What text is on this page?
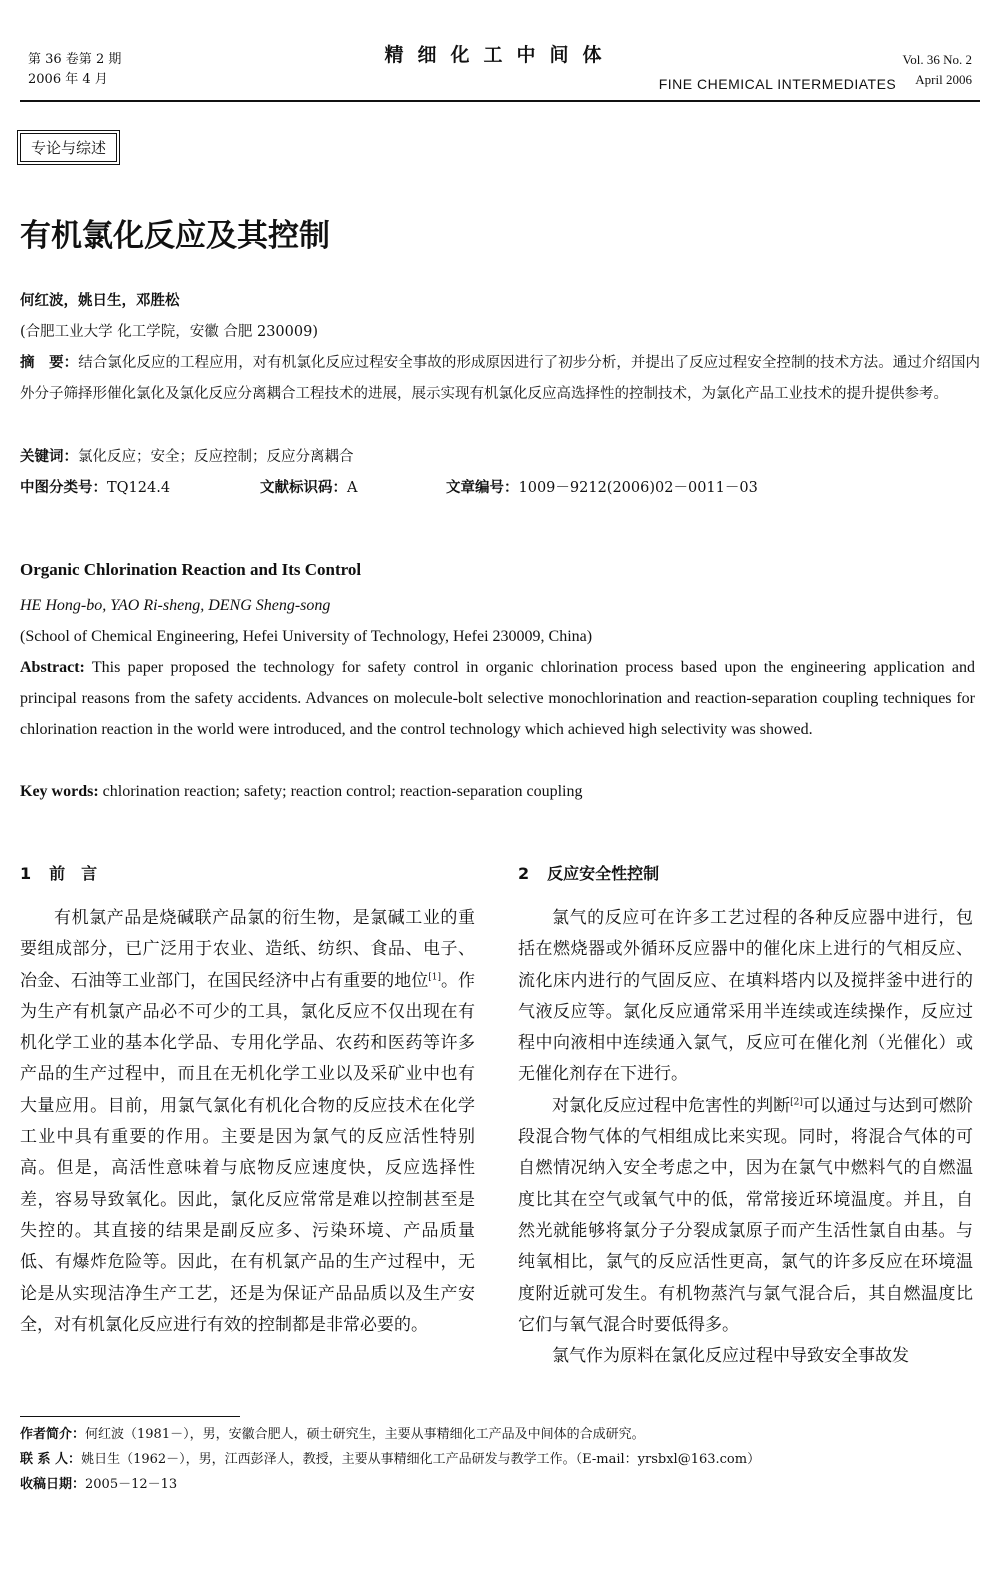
第 36 卷第 2 期
2006 年 4 月
精细化工中间体
FINE CHEMICAL INTERMEDIATES
Vol. 36 No. 2
April 2006
专论与综述
有机氯化反应及其控制
何红波，姚日生，邓胜松
(合肥工业大学 化工学院，安徽 合肥 230009)
摘　要：结合氯化反应的工程应用，对有机氯化反应过程安全事故的形成原因进行了初步分析，并提出了反应过程安全控制的技术方法。通过介绍国内外分子筛择形催化氯化及氯化反应分离耦合工程技术的进展，展示实现有机氯化反应高选择性的控制技术，为氯化产品工业技术的提升提供参考。
关键词：氯化反应；安全；反应控制；反应分离耦合
中图分类号：TQ124.4	文献标识码：A	文章编号：1009－9212(2006)02－0011－03
Organic Chlorination Reaction and Its Control
HE Hong-bo, YAO Ri-sheng, DENG Sheng-song
(School of Chemical Engineering, Hefei University of Technology, Hefei 230009, China)
Abstract: This paper proposed the technology for safety control in organic chlorination process based upon the engineering application and principal reasons from the safety accidents. Advances on molecule-bolt selective monochlorination and reaction-separation coupling techniques for chlorination reaction in the world were introduced, and the control technology which achieved high selectivity was showed.
Key words: chlorination reaction; safety; reaction control; reaction-separation coupling
1 前　言

有机氯产品是烧碱联产品氯的衍生物，是氯碱工业的重要组成部分，已广泛用于农业、造纸、纺织、食品、电子、冶金、石油等工业部门，在国民经济中占有重要的地位[1]。作为生产有机氯产品必不可少的工具，氯化反应不仅出现在有机化学工业的基本化学品、专用化学品、农药和医药等许多产品的生产过程中，而且在无机化学工业以及采矿业中也有大量应用。目前，用氯气氯化有机化合物的反应技术在化学工业中具有重要的作用。主要是因为氯气的反应活性特别高。但是，高活性意味着与底物反应速度快，反应选择性差，容易导致氧化。因此，氯化反应常常是难以控制甚至是失控的。其直接的结果是副反应多、污染环境、产品质量低、有爆炸危险等。因此，在有机氯产品的生产过程中，无论是从实现洁净生产工艺，还是为保证产品品质以及生产安全，对有机氯化反应进行有效的控制都是非常必要的。

2 反应安全性控制

氯气的反应可在许多工艺过程的各种反应器中进行，包括在燃烧器或外循环反应器中的催化床上进行的气相反应、流化床内进行的气固反应、在填料塔内以及搅拌釜中进行的气液反应等。氯化反应通常采用半连续或连续操作，反应过程中向液相中连续通入氯气，反应可在催化剂（光催化）或无催化剂存在下进行。

对氯化反应过程中危害性的判断[2]可以通过与达到可燃阶段混合物气体的气相组成比来实现。同时，将混合气体的可自燃情况纳入安全考虑之中，因为在氯气中燃料气的自燃温度比其在空气或氧气中的低，常常接近环境温度。并且，自然光就能够将氯分子分裂成氯原子而产生活性氯自由基。与纯氧相比，氯气的反应活性更高，氯气的许多反应在环境温度附近就可发生。有机物蒸汽与氯气混合后，其自燃温度比它们与氧气混合时要低得多。

氯气作为原料在氯化反应过程中导致安全事故发

作者简介：何红波（1981－），男，安徽合肥人，硕士研究生，主要从事精细化工产品及中间体的合成研究。
联 系 人：姚日生（1962－），男，江西彭泽人，教授，主要从事精细化工产品研发与教学工作。（E-mail：yrsbxl@163.com）
收稿日期：2005－12－13
